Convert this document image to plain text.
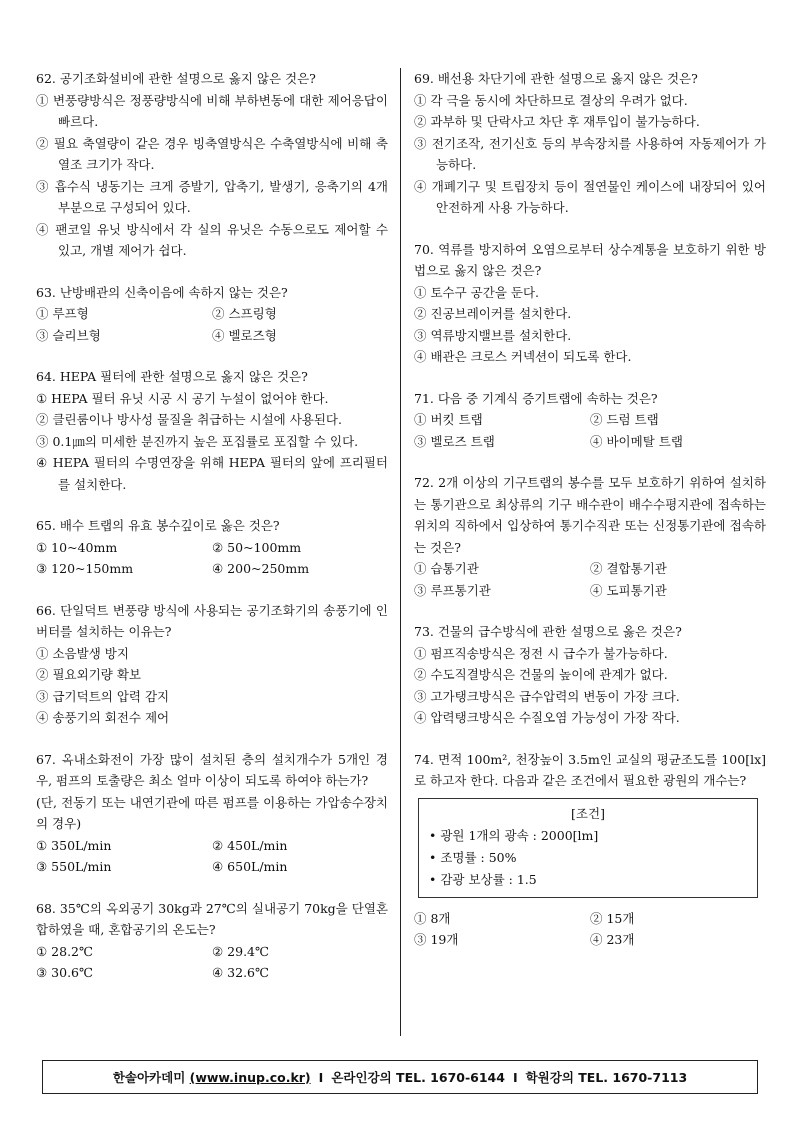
62. 공기조화설비에 관한 설명으로 옳지 않은 것은?

① 변풍량방식은 정풍량방식에 비해 부하변동에 대한 제어응답이 빠르다.

② 필요 축열량이 같은 경우 빙축열방식은 수축열방식에 비해 축열조 크기가 작다.

③ 흡수식 냉동기는 크게 증발기, 압축기, 발생기, 응축기의 4개 부분으로 구성되어 있다.

④ 팬코일 유닛 방식에서 각 실의 유닛은 수동으로도 제어할 수 있고, 개별 제어가 쉽다.

63. 난방배관의 신축이음에 속하지 않는 것은?

① 루프형	② 스프링형
③ 슬리브형	④ 벨로즈형

64. HEPA 필터에 관한 설명으로 옳지 않은 것은?

① HEPA 필터 유닛 시공 시 공기 누설이 없어야 한다.

② 클린룸이나 방사성 물질을 취급하는 시설에 사용된다.

③ 0.1㎛의 미세한 분진까지 높은 포집률로 포집할 수 있다.

④ HEPA 필터의 수명연장을 위해 HEPA 필터의 앞에 프리필터를 설치한다.

65. 배수 트랩의 유효 봉수깊이로 옳은 것은?

① 10~40mm	② 50~100mm
③ 120~150mm	④ 200~250mm

66. 단일덕트 변풍량 방식에 사용되는 공기조화기의 송풍기에 인버터를 설치하는 이유는?

① 소음발생 방지

② 필요외기량 확보

③ 급기덕트의 압력 감지

④ 송풍기의 회전수 제어

67. 옥내소화전이 가장 많이 설치된 층의 설치개수가 5개인 경우, 펌프의 토출량은 최소 얼마 이상이 되도록 하여야 하는가?

(단, 전동기 또는 내연기관에 따른 펌프를 이용하는 가압송수장치의 경우)

① 350L/min	② 450L/min
③ 550L/min	④ 650L/min

68. 35℃의 옥외공기 30kg과 27℃의 실내공기 70kg을 단열혼합하였을 때, 혼합공기의 온도는?

① 28.2℃	② 29.4℃
③ 30.6℃	④ 32.6℃

69. 배선용 차단기에 관한 설명으로 옳지 않은 것은?

① 각 극을 동시에 차단하므로 결상의 우려가 없다.

② 과부하 및 단락사고 차단 후 재투입이 불가능하다.

③ 전기조작, 전기신호 등의 부속장치를 사용하여 자동제어가 가능하다.

④ 개폐기구 및 트립장치 등이 절연물인 케이스에 내장되어 있어 안전하게 사용 가능하다.

70. 역류를 방지하여 오염으로부터 상수계통을 보호하기 위한 방법으로 옳지 않은 것은?

① 토수구 공간을 둔다.

② 진공브레이커를 설치한다.

③ 역류방지밸브를 설치한다.

④ 배관은 크로스 커넥션이 되도록 한다.

71. 다음 중 기계식 증기트랩에 속하는 것은?

① 버킷 트랩	② 드럼 트랩
③ 벨로즈 트랩	④ 바이메탈 트랩

72. 2개 이상의 기구트랩의 봉수를 모두 보호하기 위하여 설치하는 통기관으로 최상류의 기구 배수관이 배수수평지관에 접속하는 위치의 직하에서 입상하여 통기수직관 또는 신정통기관에 접속하는 것은?

① 습통기관	② 결합통기관
③ 루프통기관	④ 도피통기관

73. 건물의 급수방식에 관한 설명으로 옳은 것은?

① 펌프직송방식은 정전 시 급수가 불가능하다.

② 수도직결방식은 건물의 높이에 관계가 없다.

③ 고가탱크방식은 급수압력의 변동이 가장 크다.

④ 압력탱크방식은 수질오염 가능성이 가장 작다.

74. 면적 100m², 천장높이 3.5m인 교실의 평균조도를 100[lx]로 하고자 한다. 다음과 같은 조건에서 필요한 광원의 개수는?

[조건]
• 광원 1개의 광속 : 2000[lm]
• 조명률 : 50%
• 감광 보상률 : 1.5
① 8개	② 15개
③ 19개	④ 23개
한솔아카데미
(www.inup.co.kr) I 온라인강의 TEL. 1670-6144 I 학원강의 TEL. 1670-7113
